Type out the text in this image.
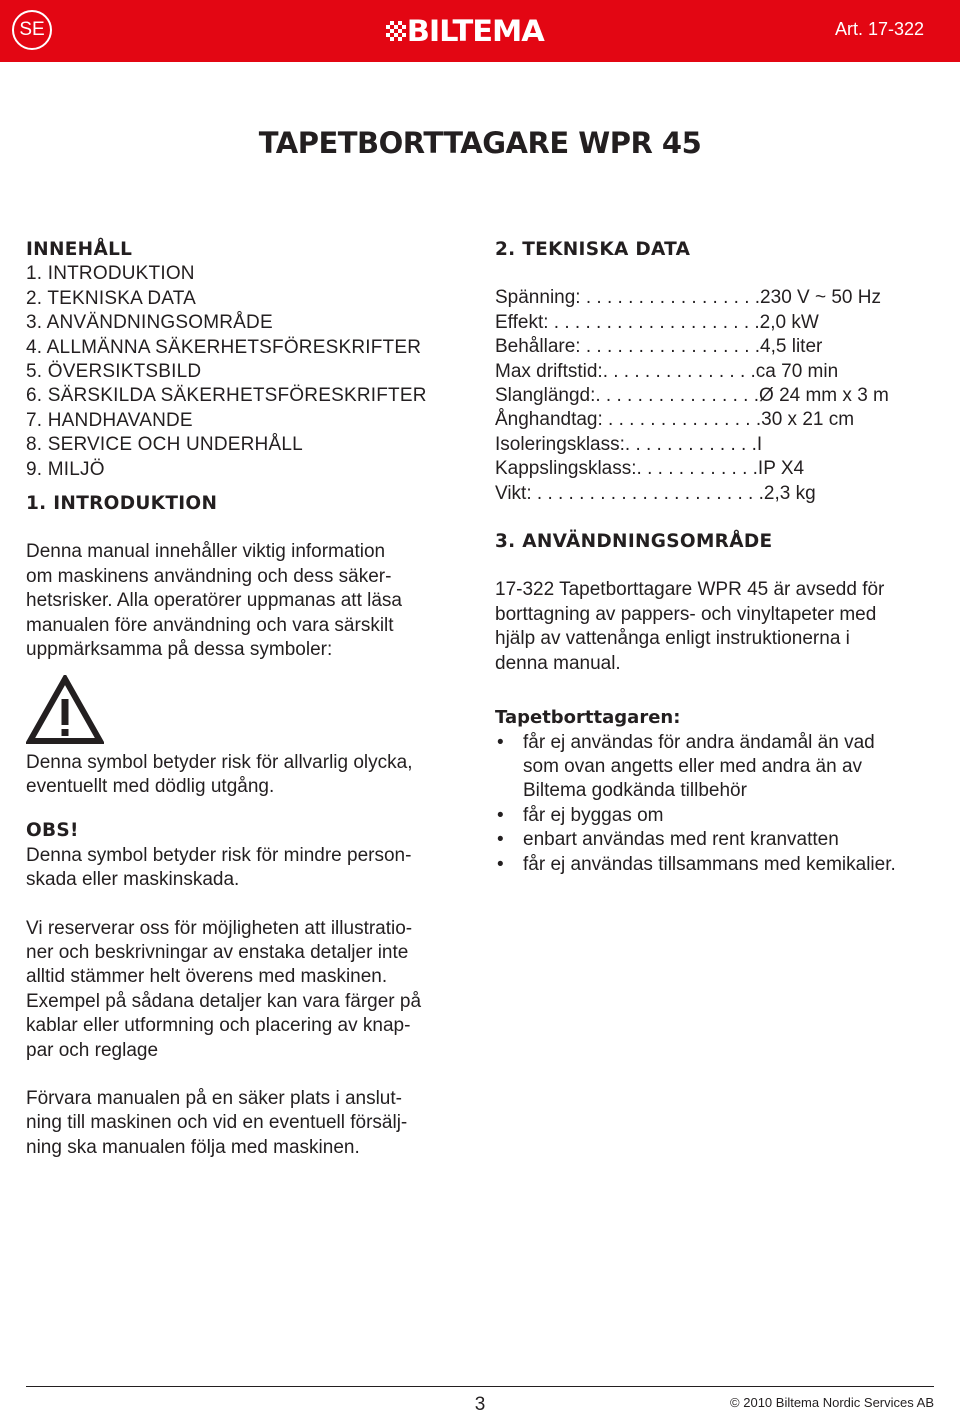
SE	BILTEMA	Art. 17-322
TAPETBORTTAGARE WPR 45
INNEHÅLL
1. INTRODUKTION
2. TEKNISKA DATA
3. ANVÄNDNINGSOMRÅDE
4. ALLMÄNNA SÄKERHETSFÖRESKRIFTER
5. ÖVERSIKTSBILD
6. SÄRSKILDA SÄKERHETSFÖRESKRIFTER
7. HANDHAVANDE
8. SERVICE OCH UNDERHÅLL
9. MILJÖ
1. INTRODUKTION

Denna manual innehåller viktig information

om maskinens användning och dess säker-

hetsrisker. Alla operatörer uppmanas att läsa

manualen före användning och vara särskilt

uppmärksamma på dessa symboler:

Denna symbol betyder risk för allvarlig olycka,

eventuellt med dödlig utgång.

OBS!

Denna symbol betyder risk för mindre person-

skada eller maskinskada.

Vi reserverar oss för möjligheten att illustratio-

ner och beskrivningar av enstaka detaljer inte

alltid stämmer helt överens med maskinen.

Exempel på sådana detaljer kan vara färger på

kablar eller utformning och placering av knap-

par och reglage

Förvara manualen på en säker plats i anslut-

ning till maskinen och vid en eventuell försälj-

ning ska manualen följa med maskinen.

2. TEKNISKA DATA
Spänning: . . . . . . . . . . . . . . . . .230 V ~ 50 Hz
Effekt: . . . . . . . . . . . . . . . . . . . .2,0 kW
Behållare: . . . . . . . . . . . . . . . . .4,5 liter
Max driftstid:. . . . . . . . . . . . . . .ca 70 min
Slanglängd:. . . . . . . . . . . . . . . .Ø 24 mm x 3 m
Ånghandtag: . . . . . . . . . . . . . . .30 x 21 cm
Isoleringsklass:. . . . . . . . . . . . .I
Kappslingsklass:. . . . . . . . . . . .IP X4
Vikt: . . . . . . . . . . . . . . . . . . . . . .2,3 kg
3. ANVÄNDNINGSOMRÅDE

17-322 Tapetborttagare WPR 45 är avsedd för

borttagning av pappers- och vinyltapeter med

hjälp av vattenånga enligt instruktionerna i

denna manual.

Tapetborttagaren:
• får ej användas för andra ändamål än vad
som ovan angetts eller med andra än av
Biltema godkända tillbehör
• får ej byggas om
• enbart användas med rent kranvatten
• får ej användas tillsammans med kemikalier.
3	© 2010 Biltema Nordic Services AB
